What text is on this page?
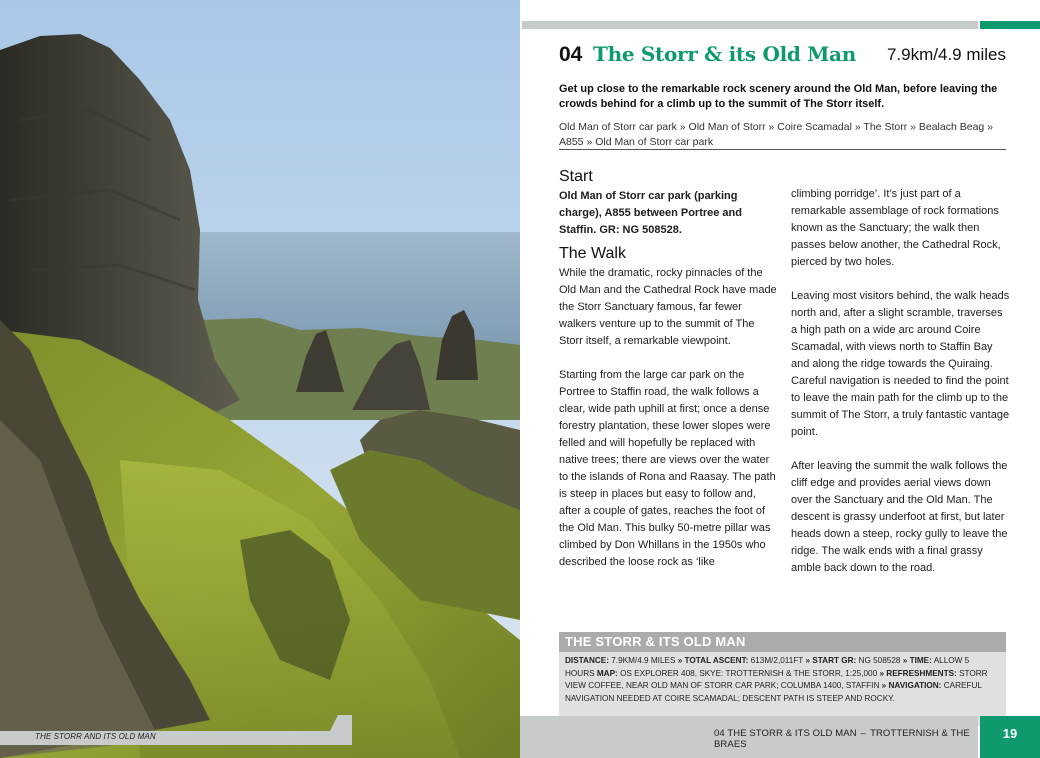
THE STORR AND ITS OLD MAN
04 The Storr & its Old Man 7.9km/4.9 miles

Get up close to the remarkable rock scenery around the Old Man, before leaving the crowds behind for a climb up to the summit of The Storr itself.

Old Man of Storr car park » Old Man of Storr » Coire Scamadal » The Storr » Bealach Beag » A855 » Old Man of Storr car park

Start

Old Man of Storr car park (parking charge), A855 between Portree and Staffin. GR: NG 508528.

The Walk

While the dramatic, rocky pinnacles of the Old Man and the Cathedral Rock have made the Storr Sanctuary famous, far fewer walkers venture up to the summit of The Storr itself, a remarkable viewpoint.

Starting from the large car park on the Portree to Staffin road, the walk follows a clear, wide path uphill at first; once a dense forestry plantation, these lower slopes were felled and will hopefully be replaced with native trees; there are views over the water to the islands of Rona and Raasay. The path is steep in places but easy to follow and, after a couple of gates, reaches the foot of the Old Man. This bulky 50-metre pillar was climbed by Don Whillans in the 1950s who described the loose rock as ‘like

climbing porridge’. It’s just part of a remarkable assemblage of rock formations known as the Sanctuary; the walk then passes below another, the Cathedral Rock, pierced by two holes.

Leaving most visitors behind, the walk heads north and, after a slight scramble, traverses a high path on a wide arc around Coire Scamadal, with views north to Staffin Bay and along the ridge towards the Quiraing. Careful navigation is needed to find the point to leave the main path for the climb up to the summit of The Storr, a truly fantastic vantage point.

After leaving the summit the walk follows the cliff edge and provides aerial views down over the Sanctuary and the Old Man. The descent is grassy underfoot at first, but later heads down a steep, rocky gully to leave the ridge. The walk ends with a final grassy amble back down to the road.

THE STORR & ITS OLD MAN
DISTANCE: 7.9KM/4.9 MILES » TOTAL ASCENT: 613M/2,011FT » START GR: NG 508528 » TIME: ALLOW 5 HOURS MAP: OS EXPLORER 408, SKYE: TROTTERNISH & THE STORR, 1:25,000 » REFRESHMENTS: STORR VIEW COFFEE, NEAR OLD MAN OF STORR CAR PARK; COLUMBA 1400, STAFFIN » NAVIGATION: CAREFUL NAVIGATION NEEDED AT COIRE SCAMADAL; DESCENT PATH IS STEEP AND ROCKY.
04 THE STORR & ITS OLD MAN – TROTTERNISH & THE BRAES
19
